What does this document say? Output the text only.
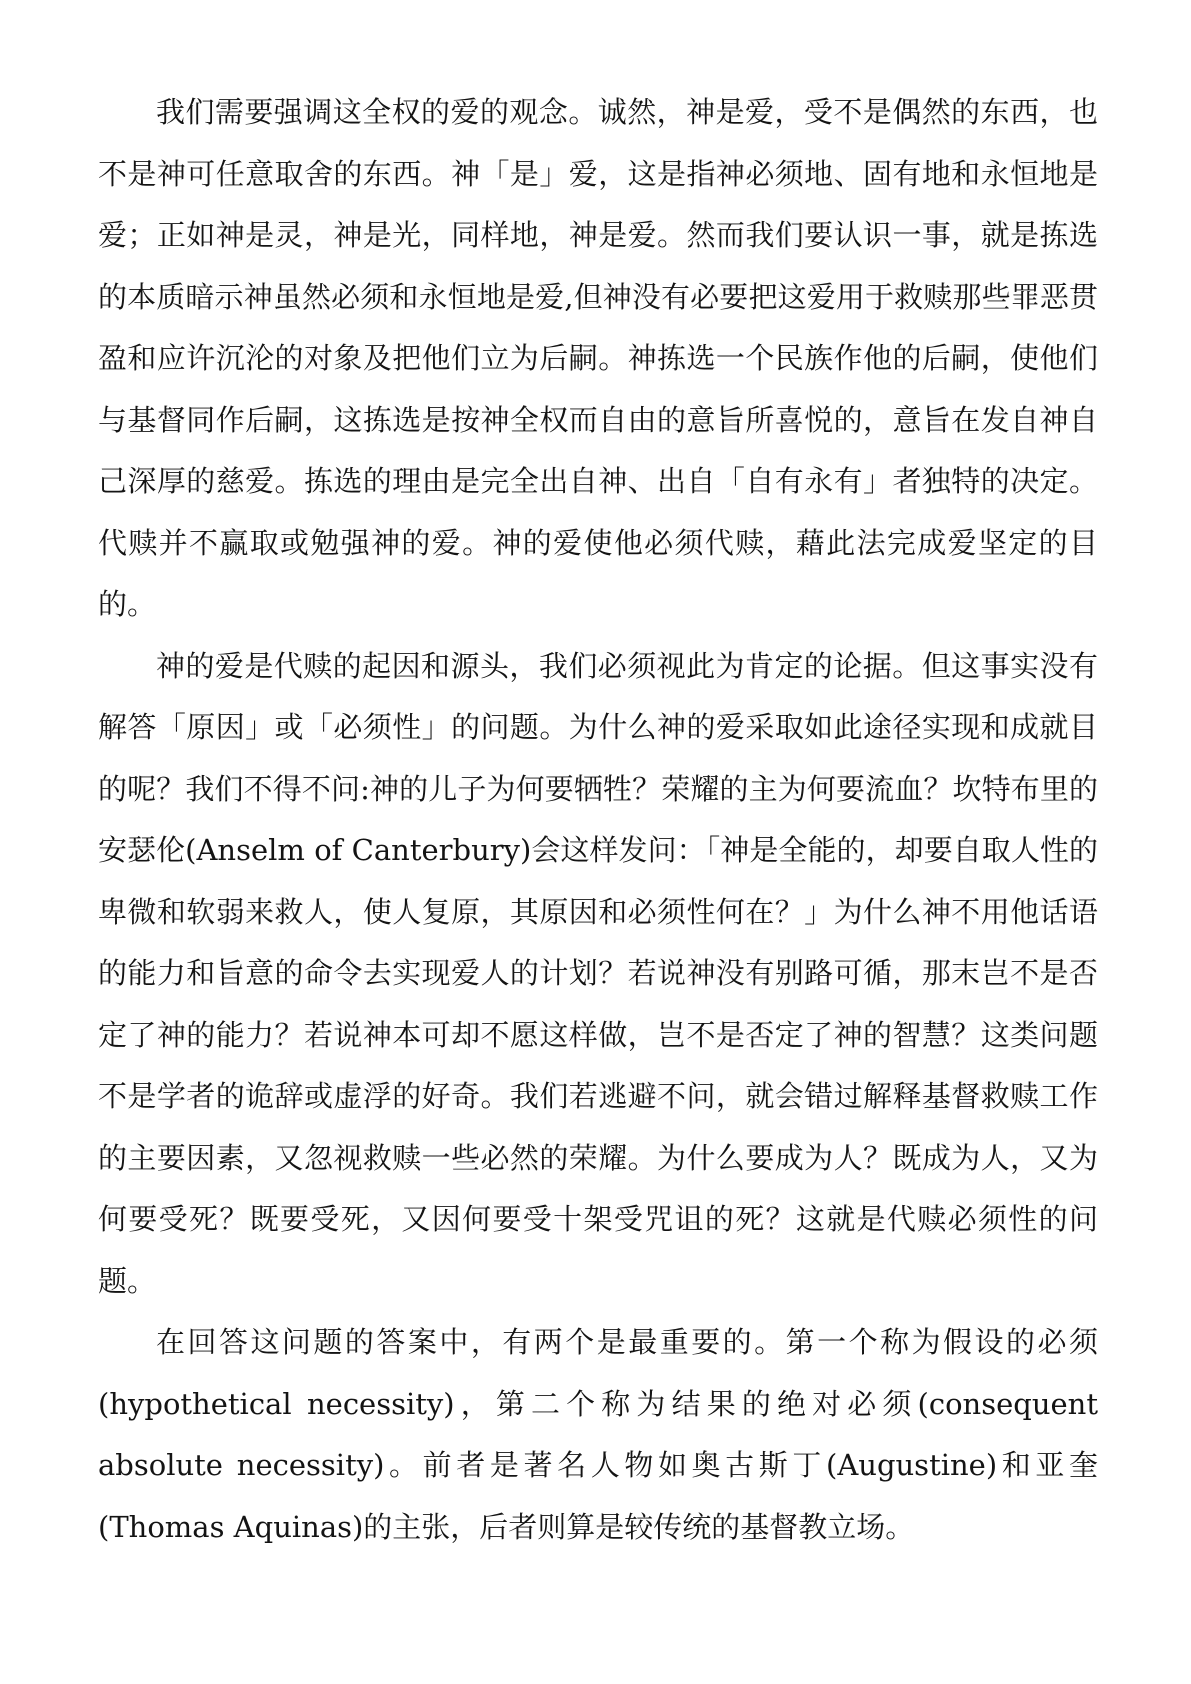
我们需要强调这全权的爱的观念。诚然，神是爱，受不是偶然的东西，也不是神可任意取舍的东西。神「是」爱，这是指神必须地、固有地和永恒地是爱；正如神是灵，神是光，同样地，神是爱。然而我们要认识一事，就是拣选的本质暗示神虽然必须和永恒地是爱,但神没有必要把这爱用于救赎那些罪恶贯盈和应许沉沦的对象及把他们立为后嗣。神拣选一个民族作他的后嗣，使他们与基督同作后嗣，这拣选是按神全权而自由的意旨所喜悦的，意旨在发自神自己深厚的慈爱。拣选的理由是完全出自神、出自「自有永有」者独特的决定。代赎并不赢取或勉强神的爱。神的爱使他必须代赎，藉此法完成爱坚定的目的。

神的爱是代赎的起因和源头，我们必须视此为肯定的论据。但这事实没有解答「原因」或「必须性」的问题。为什么神的爱采取如此途径实现和成就目的呢？我们不得不问:神的儿子为何要牺牲？荣耀的主为何要流血？坎特布里的安瑟伦(Anselm of Canterbury)会这样发问：「神是全能的，却要自取人性的卑微和软弱来救人，使人复原，其原因和必须性何在？」为什么神不用他话语的能力和旨意的命令去实现爱人的计划？若说神没有别路可循，那末岂不是否定了神的能力？若说神本可却不愿这样做，岂不是否定了神的智慧？这类问题不是学者的诡辞或虚浮的好奇。我们若逃避不问，就会错过解释基督救赎工作的主要因素，又忽视救赎一些必然的荣耀。为什么要成为人？既成为人，又为何要受死？既要受死，又因何要受十架受咒诅的死？这就是代赎必须性的问题。

在回答这问题的答案中，有两个是最重要的。第一个称为假设的必须(hypothetical necessity)，第二个称为结果的绝对必须(consequent absolute necessity)。前者是著名人物如奥古斯丁(Augustine)和亚奎(Thomas Aquinas)的主张，后者则算是较传统的基督教立场。
